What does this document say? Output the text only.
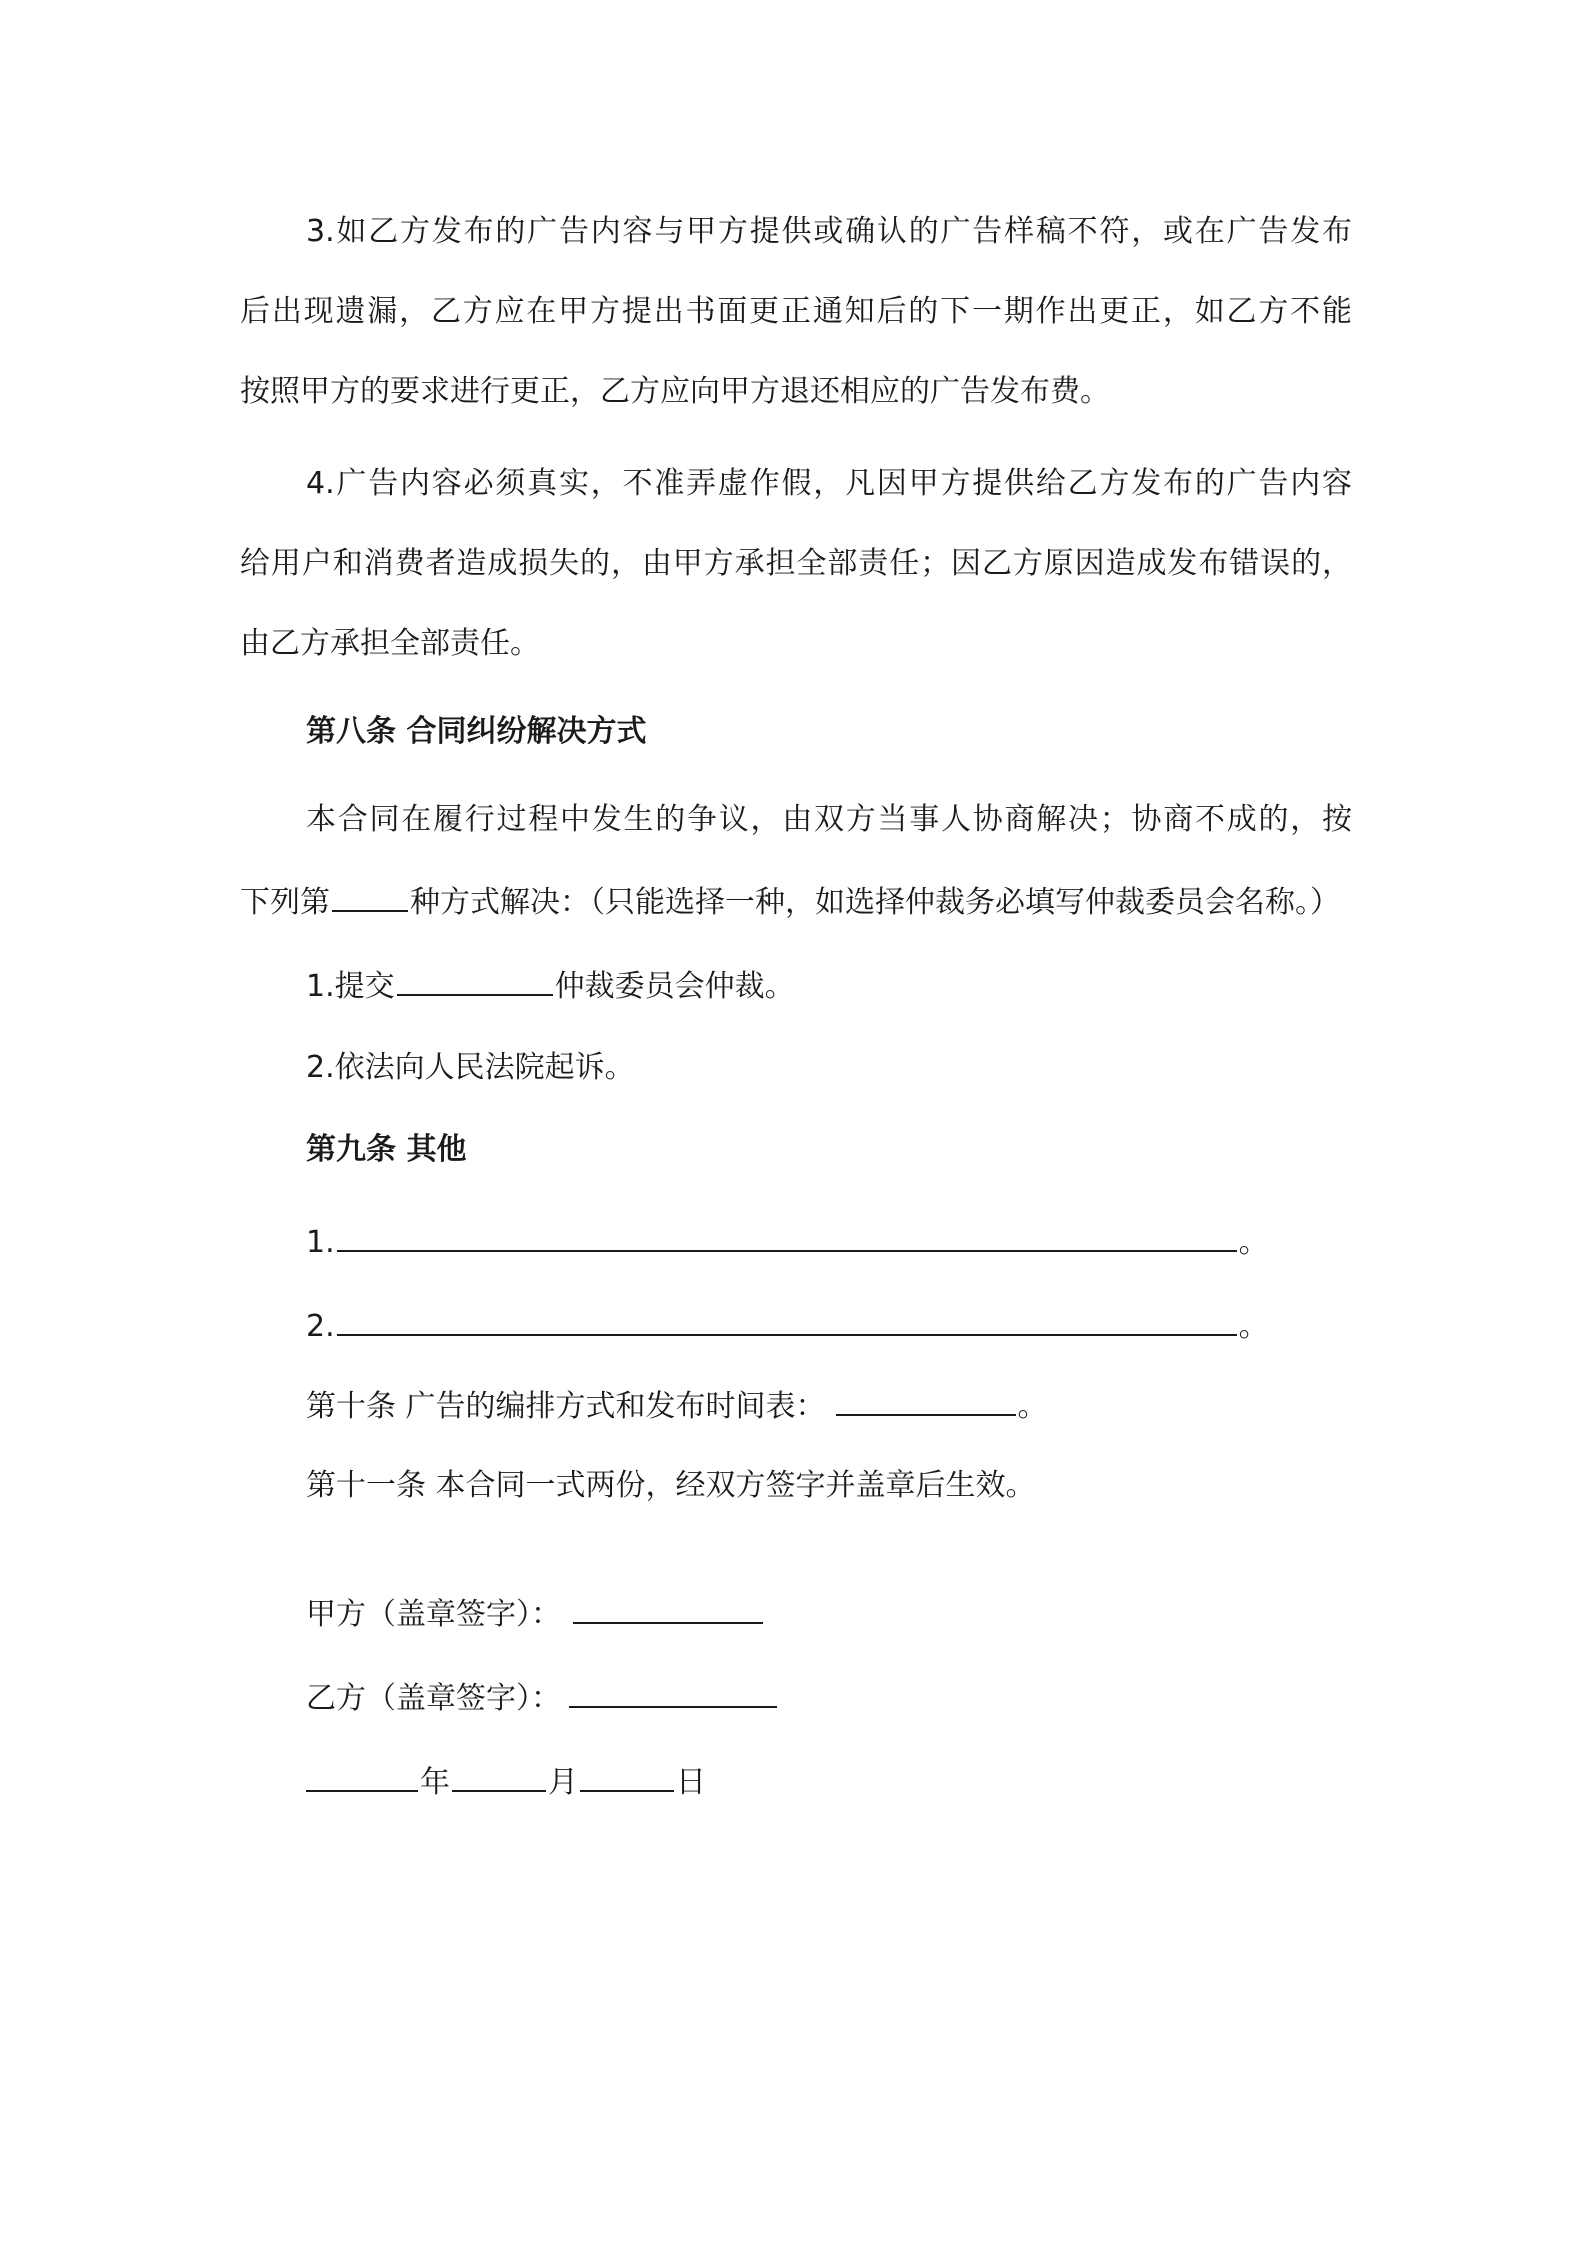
3.如乙方发布的广告内容与甲方提供或确认的广告样稿不符，或在广告发布
后出现遗漏，乙方应在甲方提出书面更正通知后的下一期作出更正，如乙方不能
按照甲方的要求进行更正，乙方应向甲方退还相应的广告发布费。
4.广告内容必须真实，不准弄虚作假，凡因甲方提供给乙方发布的广告内容
给用户和消费者造成损失的，由甲方承担全部责任；因乙方原因造成发布错误的，
由乙方承担全部责任。
第八条 合同纠纷解决方式
本合同在履行过程中发生的争议，由双方当事人协商解决；协商不成的，按
下列第	种方式解决：（只能选择一种，如选择仲裁务必填写仲裁委员会名称。）
1.提交	仲裁委员会仲裁。
2.依法向人民法院起诉。
第九条 其他
1.	。
2.	。
第十条 广告的编排方式和发布时间表：	。
第十一条 本合同一式两份，经双方签字并盖章后生效。
甲方（盖章签字）：
乙方（盖章签字）：
年	月	日
